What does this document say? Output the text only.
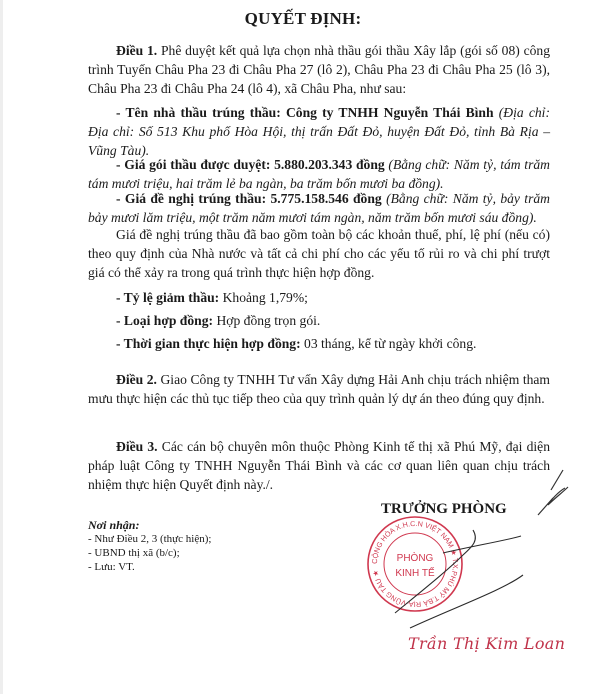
QUYẾT ĐỊNH:
Điều 1. Phê duyệt kết quả lựa chọn nhà thầu gói thầu Xây lắp (gói số 08) công trình Tuyến Châu Pha 23 đi Châu Pha 27 (lô 2), Châu Pha 23 đi Châu Pha 25 (lô 3), Châu Pha 23 đi Châu Pha 24 (lô 4), xã Châu Pha, như sau:
- Tên nhà thầu trúng thầu: Công ty TNHH Nguyễn Thái Bình (Địa chỉ: Địa chỉ: Số 513 Khu phố Hòa Hội, thị trấn Đất Đỏ, huyện Đất Đỏ, tỉnh Bà Rịa – Vũng Tàu).
- Giá gói thầu được duyệt: 5.880.203.343 đồng (Bằng chữ: Năm tỷ, tám trăm tám mươi triệu, hai trăm lẻ ba ngàn, ba trăm bốn mươi ba đồng).
- Giá đề nghị trúng thầu: 5.775.158.546 đồng (Bằng chữ: Năm tỷ, bảy trăm bảy mươi lăm triệu, một trăm năm mươi tám ngàn, năm trăm bốn mươi sáu đồng).
Giá đề nghị trúng thầu đã bao gồm toàn bộ các khoản thuế, phí, lệ phí (nếu có) theo quy định của Nhà nước và tất cả chi phí cho các yếu tố rủi ro và chi phí trượt giá có thể xảy ra trong quá trình thực hiện hợp đồng.
- Tỷ lệ giảm thầu: Khoảng 1,79%;
- Loại hợp đồng: Hợp đồng trọn gói.
- Thời gian thực hiện hợp đồng: 03 tháng, kể từ ngày khởi công.
Điều 2. Giao Công ty TNHH Tư vấn Xây dựng Hải Anh chịu trách nhiệm tham mưu thực hiện các thủ tục tiếp theo của quy trình quản lý dự án theo đúng quy định.
Điều 3. Các cán bộ chuyên môn thuộc Phòng Kinh tế thị xã Phú Mỹ, đại diện pháp luật Công ty TNHH Nguyễn Thái Bình và các cơ quan liên quan chịu trách nhiệm thực hiện Quyết định này./.
TRƯỞNG PHÒNG
Nơi nhận:
- Như Điều 2, 3 (thực hiện);
- UBND thị xã (b/c);
- Lưu: VT.	CỘNG HÒA X.H.C.N VIỆT NAM ★ T.X.PHÚ MỸ T.BÀ RỊA-VŨNG TÀU ★
PHÒNG
KINH TẾ
Trần Thị Kim Loan
